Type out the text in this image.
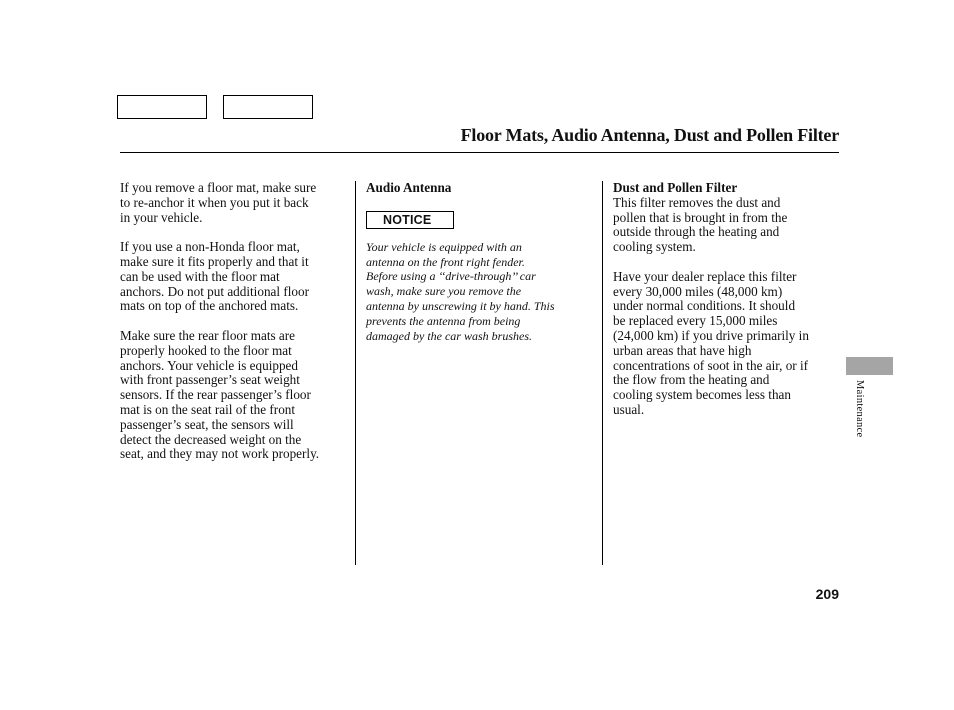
Floor Mats, Audio Antenna, Dust and Pollen Filter

If you remove a floor mat, make sure
to re-anchor it when you put it back
in your vehicle.

If you use a non-Honda floor mat,
make sure it fits properly and that it
can be used with the floor mat
anchors. Do not put additional floor
mats on top of the anchored mats.

Make sure the rear floor mats are
properly hooked to the floor mat
anchors. Your vehicle is equipped
with front passenger’s seat weight
sensors. If the rear passenger’s floor
mat is on the seat rail of the front
passenger’s seat, the sensors will
detect the decreased weight on the
seat, and they may not work properly.

Audio Antenna

NOTICE

Your vehicle is equipped with an
antenna on the front right fender.
Before using a ‘‘drive-through’’ car
wash, make sure you remove the
antenna by unscrewing it by hand. This
prevents the antenna from being
damaged by the car wash brushes.

Dust and Pollen Filter

This filter removes the dust and
pollen that is brought in from the
outside through the heating and
cooling system.

Have your dealer replace this filter
every 30,000 miles (48,000 km)
under normal conditions. It should
be replaced every 15,000 miles
(24,000 km) if you drive primarily in
urban areas that have high
concentrations of soot in the air, or if
the flow from the heating and
cooling system becomes less than
usual.	Maintenance
209
